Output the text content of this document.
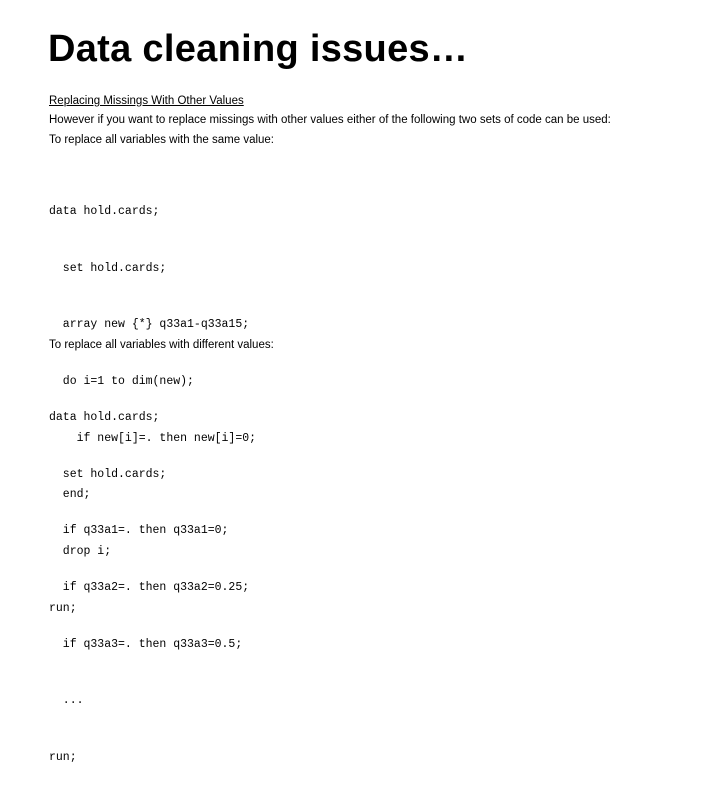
Data cleaning issues…

Replacing Missings With Other Values

However if you want to replace missings with other values either of the following two sets of code can be used:

To replace all variables with the same value:

data hold.cards;

set hold.cards;

array new {*} q33a1-q33a15;

do i=1 to dim(new);

if new[i]=. then new[i]=0;

end;

drop i;

run;

To replace all variables with different values:

data hold.cards;

set hold.cards;

if q33a1=. then q33a1=0;

if q33a2=. then q33a2=0.25;

if q33a3=. then q33a3=0.5;

...

run;
